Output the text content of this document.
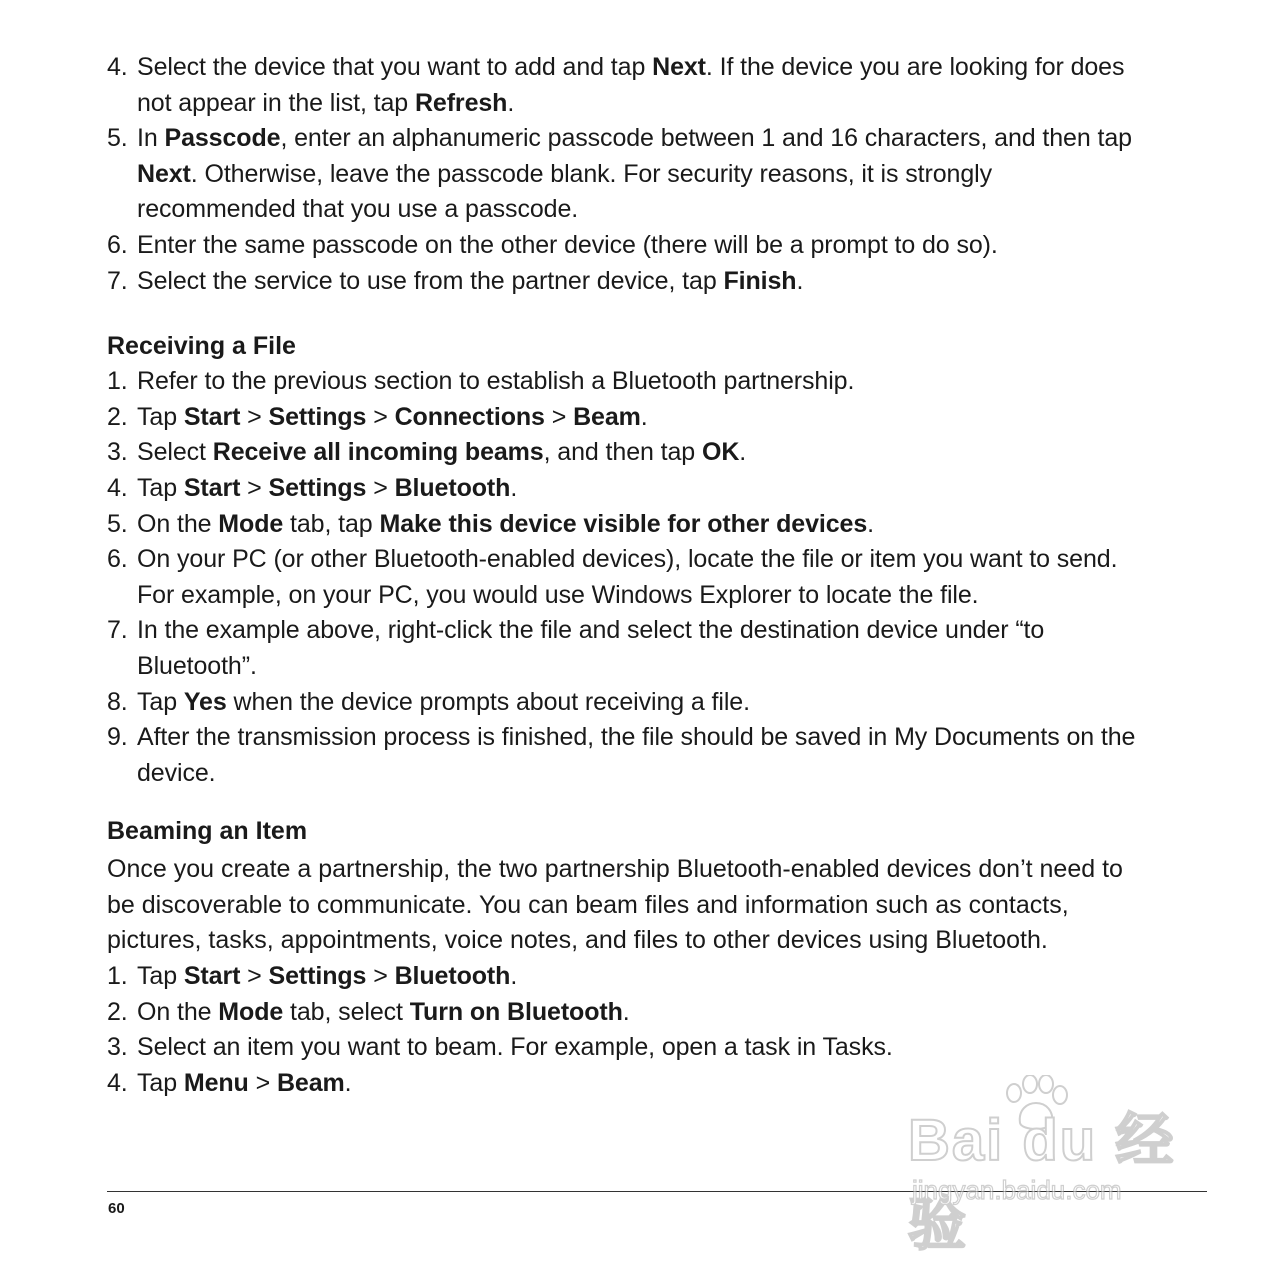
4. Select the device that you want to add and tap Next. If the device you are looking for does not appear in the list, tap Refresh.
5. In Passcode, enter an alphanumeric passcode between 1 and 16 characters, and then tap Next. Otherwise, leave the passcode blank. For security reasons, it is strongly recommended that you use a passcode.
6. Enter the same passcode on the other device (there will be a prompt to do so).
7. Select the service to use from the partner device, tap Finish.
Receiving a File
1. Refer to the previous section to establish a Bluetooth partnership.
2. Tap Start > Settings > Connections > Beam.
3. Select Receive all incoming beams, and then tap OK.
4. Tap Start > Settings > Bluetooth.
5. On the Mode tab, tap Make this device visible for other devices.
6. On your PC (or other Bluetooth-enabled devices), locate the file or item you want to send. For example, on your PC, you would use Windows Explorer to locate the file.
7. In the example above, right-click the file and select the destination device under “to Bluetooth”.
8. Tap Yes when the device prompts about receiving a file.
9. After the transmission process is finished, the file should be saved in My Documents on the device.
Beaming an Item

Once you create a partnership, the two partnership Bluetooth-enabled devices don’t need to be discoverable to communicate. You can beam files and information such as contacts, pictures, tasks, appointments, voice notes, and files to other devices using Bluetooth.

1. Tap Start > Settings > Bluetooth.
2. On the Mode tab, select Turn on Bluetooth.
3. Select an item you want to beam. For example, open a task in Tasks.
4. Tap Menu > Beam.
60
Bai du 经验
jingyan.baidu.com
